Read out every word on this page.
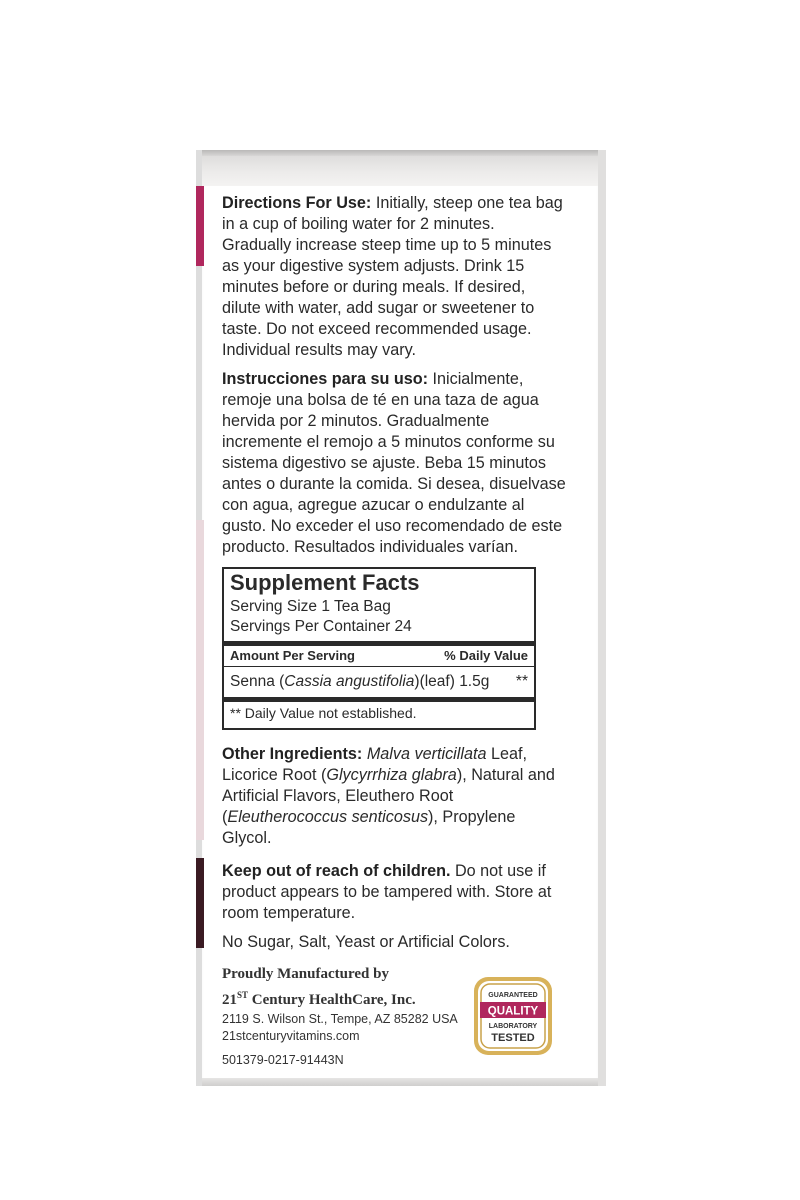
Directions For Use: Initially, steep one tea bag in a cup of boiling water for 2 minutes. Gradually increase steep time up to 5 minutes as your digestive system adjusts. Drink 15 minutes before or during meals. If desired, dilute with water, add sugar or sweetener to taste. Do not exceed recommended usage. Individual results may vary.

Instrucciones para su uso: Inicialmente, remoje una bolsa de té en una taza de agua hervida por 2 minutos. Gradualmente incremente el remojo a 5 minutos conforme su sistema digestivo se ajuste. Beba 15 minutos antes o durante la comida. Si desea, disuelvase con agua, agregue azucar o endulzante al gusto. No exceder el uso recomendado de este producto. Resultados individuales varían.

Supplement Facts
Serving Size 1 Tea Bag
Servings Per Container 24
Amount Per Serving	% Daily Value
Senna (Cassia angustifolia)(leaf) 1.5g **
** Daily Value not established.

Other Ingredients: Malva verticillata Leaf, Licorice Root (Glycyrrhiza glabra), Natural and Artificial Flavors, Eleuthero Root (Eleutherococcus senticosus), Propylene Glycol.

Keep out of reach of children. Do not use if product appears to be tampered with. Store at room temperature.

No Sugar, Salt, Yeast or Artificial Colors.

Proudly Manufactured by
21ST Century HealthCare, Inc.
2119 S. Wilson St., Tempe, AZ 85282 USA
21stcenturyvitamins.com
501379-0217-91443N
GUARANTEED
QUALITY
LABORATORY
TESTED
